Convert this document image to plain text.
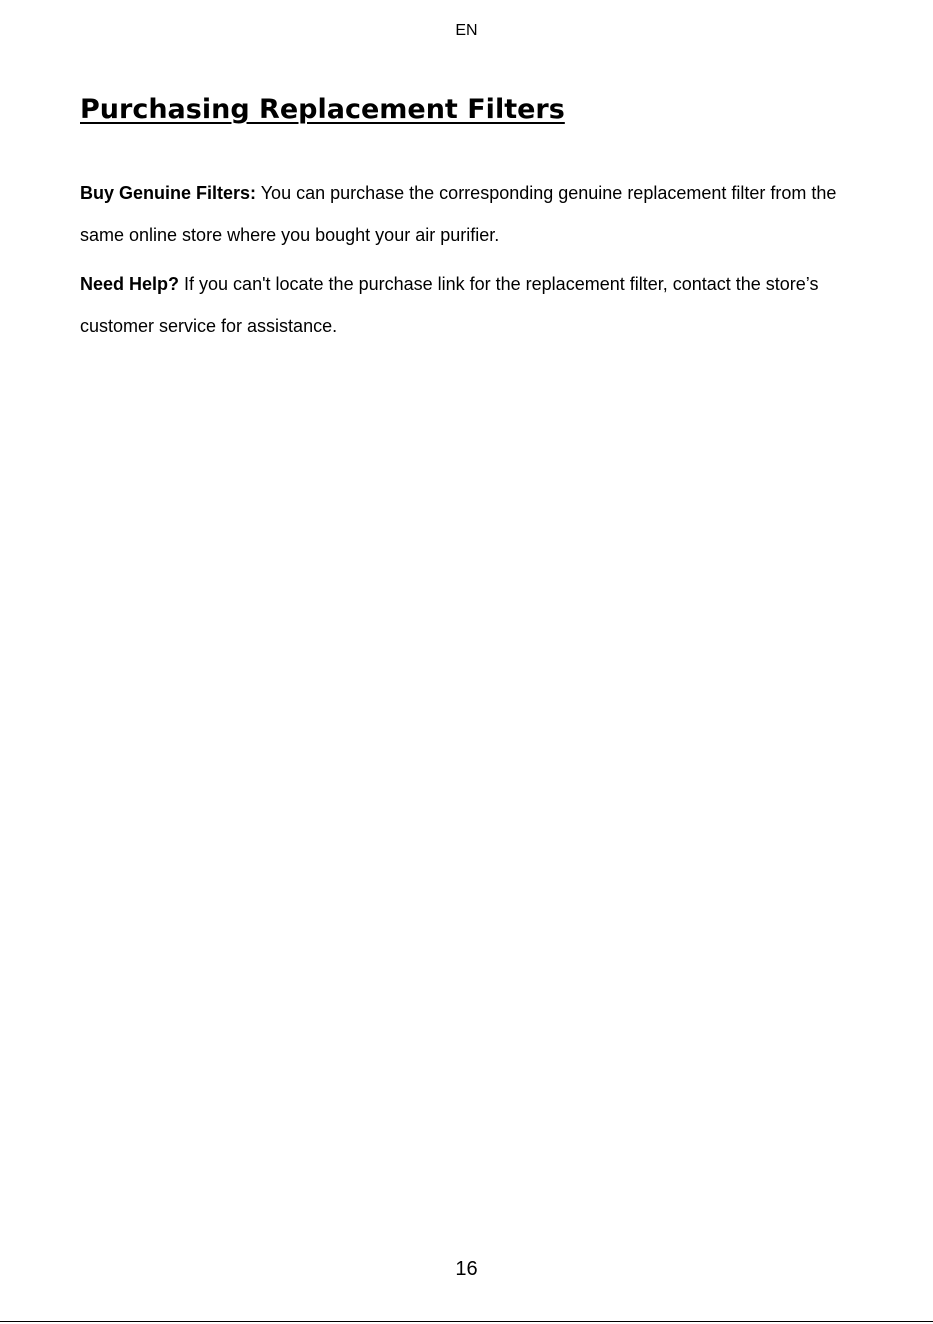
EN
Purchasing Replacement Filters

Buy Genuine Filters: You can purchase the corresponding genuine replacement filter from the same online store where you bought your air purifier.

Need Help? If you can't locate the purchase link for the replacement filter, contact the store’s customer service for assistance.

16
